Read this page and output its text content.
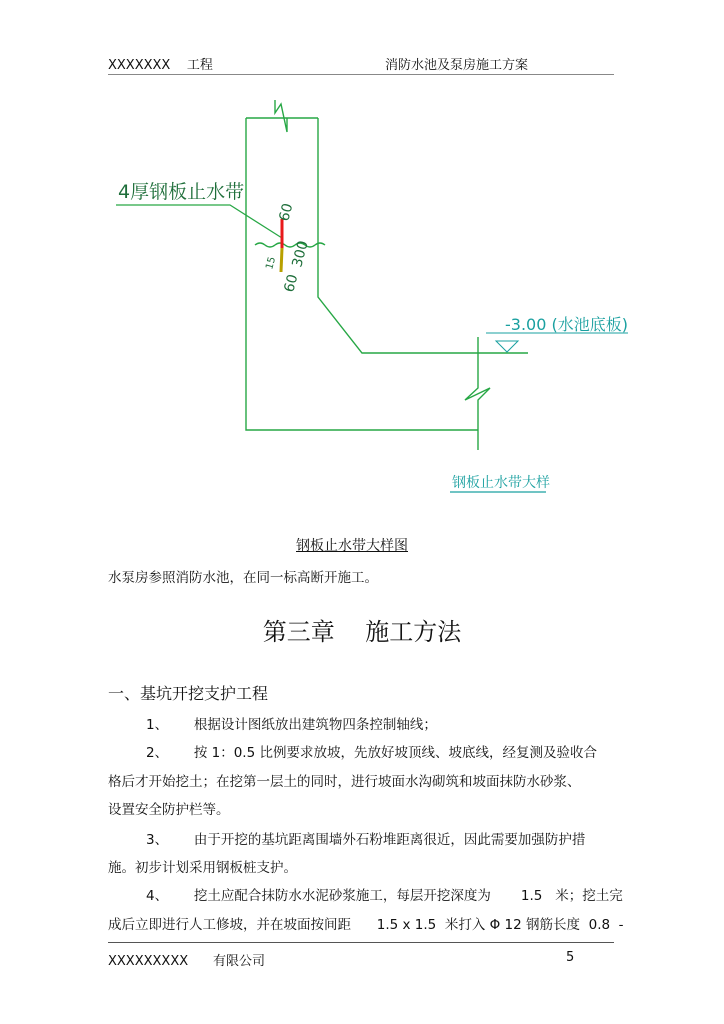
XXXXXXX    工程	消防水池及泵房施工方案
4厚钢板止水带
60
300
15
60
-3.00 (水池底板)
钢板止水带大样
钢板止水带大样图
水泵房参照消防水池，在同一标高断开施工。
第三章    施工方法
一、基坑开挖支护工程
1、      根据设计图纸放出建筑物四条控制轴线；
2、      按 1：0.5 比例要求放坡，先放好坡顶线、坡底线，经复测及验收合
格后才开始挖土；在挖第一层土的同时，进行坡面水沟砌筑和坡面抹防水砂浆、
设置安全防护栏等。
3、      由于开挖的基坑距离围墙外石粉堆距离很近，因此需要加强防护措
施。初步计划采用钢板桩支护。
4、      挖土应配合抹防水水泥砂浆施工，每层开挖深度为       1.5   米；挖土完
成后立即进行人工修坡，并在坡面按间距      1.5 x 1.5  米打入 Φ 12 钢筋长度  0.8  -
XXXXXXXXX      有限公司	5
